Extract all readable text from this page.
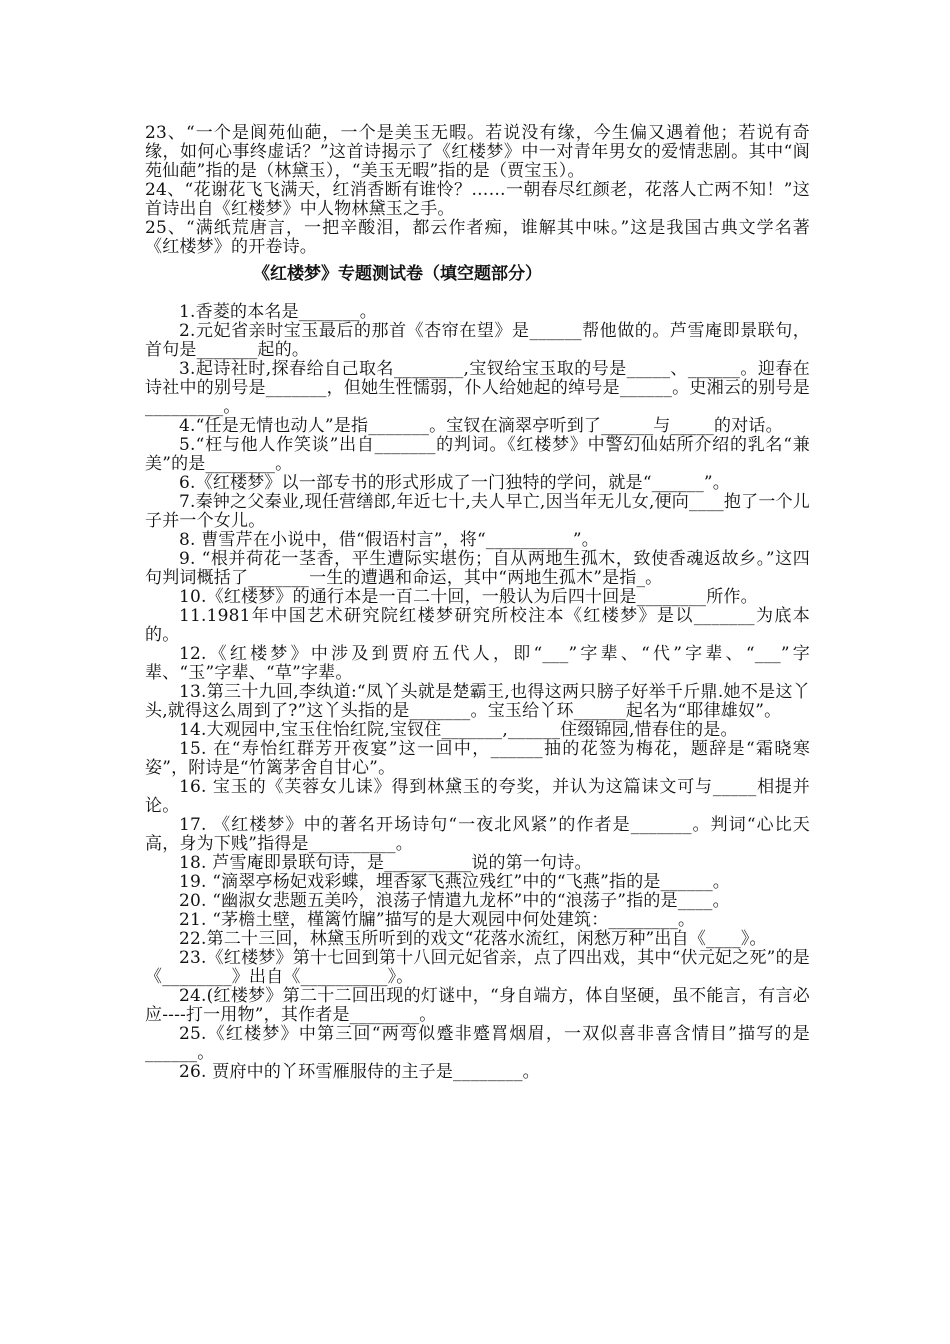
23、“一个是阆苑仙葩，一个是美玉无暇。若说没有缘，今生偏又遇着他；若说有奇缘，如何心事终虚话？”这首诗揭示了《红楼梦》中一对青年男女的爱情悲剧。其中“阆苑仙葩”指的是（林黛玉），“美玉无暇”指的是（贾宝玉）。

24、“花谢花飞飞满天，红消香断有谁怜？……一朝春尽红颜老，花落人亡两不知！”这首诗出自《红楼梦》中人物林黛玉之手。

25、“满纸荒唐言，一把辛酸泪，都云作者痴，谁解其中味。”这是我国古典文学名著《红楼梦》的开卷诗。

《红楼梦》专题测试卷（填空题部分）

1.香菱的本名是_______。

2.元妃省亲时宝玉最后的那首《杏帘在望》是______帮他做的。芦雪庵即景联句，首句是_______起的。

3.起诗社时,探春给自己取名________,宝钗给宝玉取的号是_____、______。迎春在诗社中的别号是_______，但她生性懦弱，仆人给她起的绰号是______。史湘云的别号是_________。

4.“任是无情也动人”是指_______。宝钗在滴翠亭听到了______与_____的对话。

5.“枉与他人作笑谈”出自_______的判词。《红楼梦》中警幻仙姑所介绍的乳名“兼美”的是________。

6.《红楼梦》以一部专书的形式形成了一门独特的学问，就是“______”。

7.秦钟之父秦业,现任营缮郎,年近七十,夫人早亡,因当年无儿女,便向____抱了一个儿子并一个女儿。

8. 曹雪芹在小说中，借“假语村言”，将“__________”。

9. “根并荷花一茎香，平生遭际实堪伤；自从两地生孤木，致使香魂返故乡。”这四句判词概括了_______一生的遭遇和命运，其中“两地生孤木”是指_。

10.《红楼梦》的通行本是一百二十回，一般认为后四十回是________所作。

11.1981年中国艺术研究院红楼梦研究所校注本《红楼梦》是以_______为底本的。

12.《红楼梦》中涉及到贾府五代人，即“___”字辈、“代”字辈、“___”字辈、“玉”字辈、“草”字辈。

13.第三十九回,李纨道:“凤丫头就是楚霸王,也得这两只膀子好举千斤鼎.她不是这丫头,就得这么周到了?”这丫头指的是_______。宝玉给丫环______起名为“耶律雄奴”。

14.大观园中,宝玉住怡红院,宝钗住_______,______住缀锦园,惜春住的是。

15. 在“寿怡红群芳开夜宴”这一回中，______抽的花签为梅花，题辞是“霜晓寒姿”，附诗是“竹篱茅舍自甘心”。

16. 宝玉的《芙蓉女儿诔》得到林黛玉的夸奖，并认为这篇诔文可与_____相提并论。

17. 《红楼梦》中的著名开场诗句“一夜北风紧”的作者是_______。判词“心比天高，身为下贱”指得是__________。

18. 芦雪庵即景联句诗，是__________说的第一句诗。

19. “滴翠亭杨妃戏彩蝶，埋香冢飞燕泣残红”中的“飞燕”指的是______。

20. “幽淑女悲题五美吟，浪荡子情遣九龙杯”中的“浪荡子”指的是____。

21. “茅檐土壁，槿篱竹牖”描写的是大观园中何处建筑：________。

22.第二十三回，林黛玉所听到的戏文“花落水流红，闲愁万种”出自《____》。

23.《红楼梦》第十七回到第十八回元妃省亲，点了四出戏，其中“伏元妃之死”的是《________》出自《__________》。

24.(红楼梦》第二十二回出现的灯谜中，“身自端方，体自坚硬，虽不能言，有言必应----打一用物”，其作者是________。

25.《红楼梦》中第三回“两弯似蹙非蹙罥烟眉，一双似喜非喜含情目”描写的是______。

26. 贾府中的丫环雪雁服侍的主子是________。
